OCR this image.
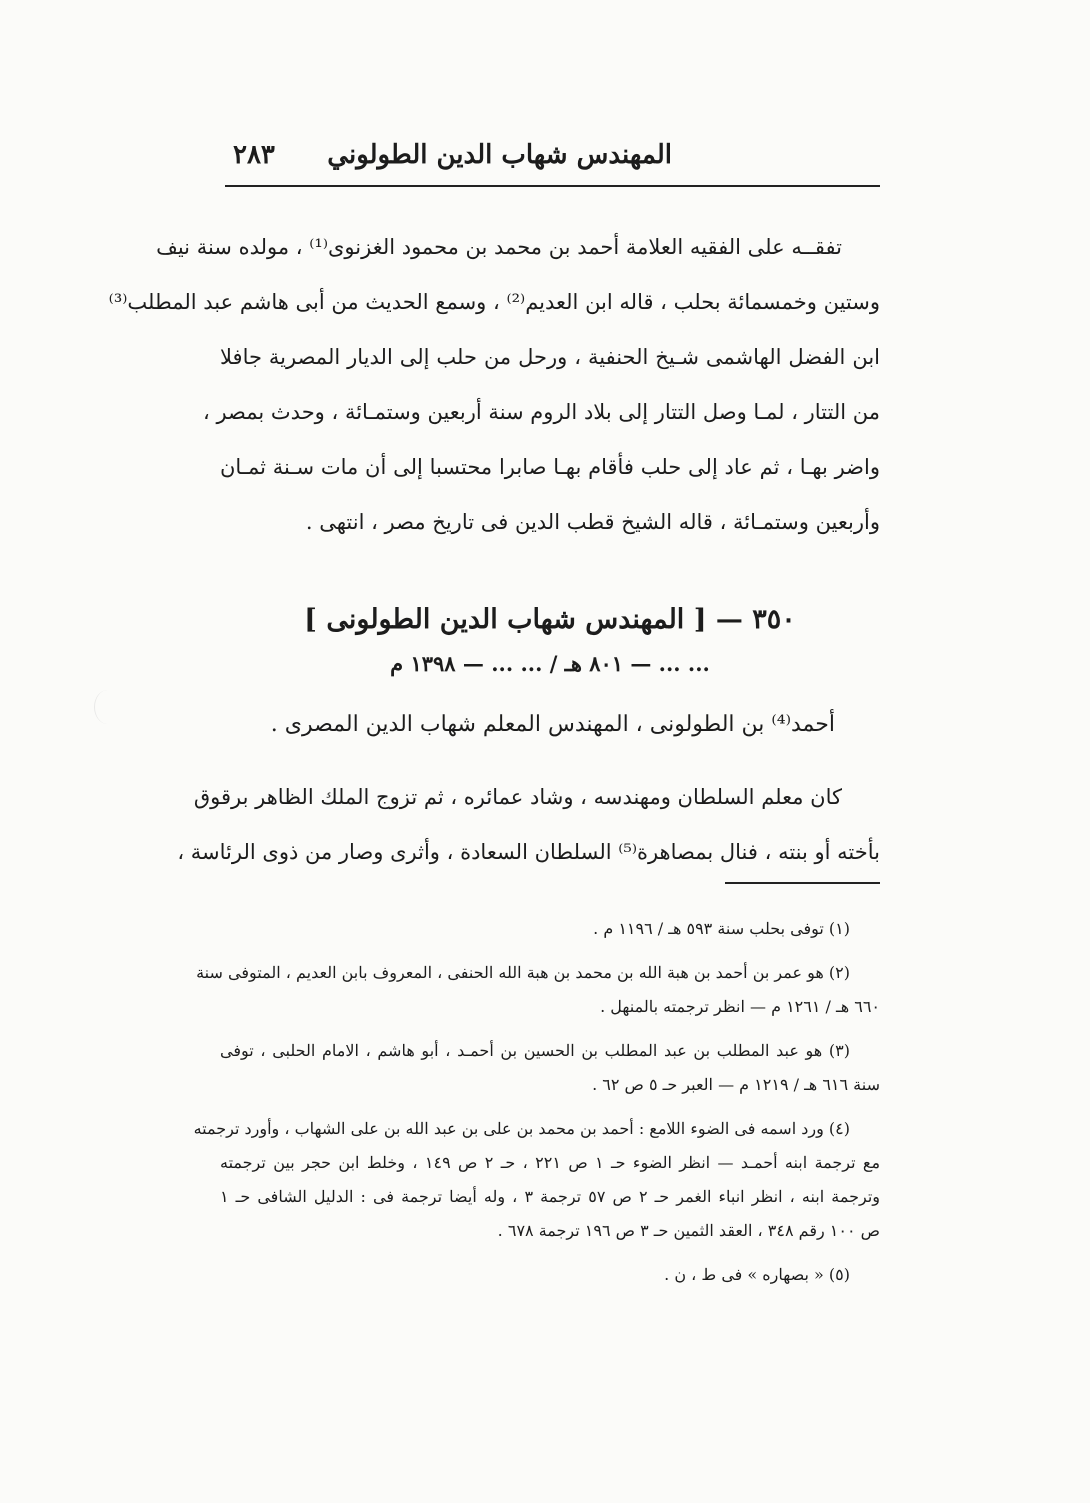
المهندس شهاب الدين الطولوني
٢٨٣
تفقــه على الفقيه العلامة أحمد بن محمد بن محمود الغزنوى⁽¹⁾ ، مولده سنة نيف
وستين وخمسمائة بحلب ، قاله ابن العديم⁽²⁾ ، وسمع الحديث من أبى هاشم عبد المطلب⁽³⁾
ابن الفضل الهاشمى شـيخ الحنفية ، ورحل من حلب إلى الديار المصرية جافلا
من التتار ، لمـا وصل التتار إلى بلاد الروم سنة أربعين وستمـائة ، وحدث بمصر ،
واضر بهـا ، ثم عاد إلى حلب فأقام بهـا صابرا محتسبا إلى أن مات سـنة ثمـان
وأربعين وستمـائة ، قاله الشيخ قطب الدين فى تاريخ مصر ، انتهى .
٣٥٠ — [ المهندس شهاب الدين الطولونى ]
... ... — ٨٠١ هـ / ... ... — ١٣٩٨ م
أحمد⁽⁴⁾ بن الطولونى ، المهندس المعلم شهاب الدين المصرى .
كان معلم السلطان ومهندسه ، وشاد عمائره ، ثم تزوج الملك الظاهر برقوق
بأخته أو بنته ، فنال بمصاهرة⁽⁵⁾ السلطان السعادة ، وأثرى وصار من ذوى الرئاسة ،
(١) توفى بحلب سنة ٥٩٣ هـ / ١١٩٦ م .
(٢) هو عمر بن أحمد بن هبة الله بن محمد بن هبة الله الحنفى ، المعروف بابن العديم ، المتوفى سنة
٦٦٠ هـ / ١٢٦١ م — انظر ترجمته بالمنهل .
(٣) هو عبد المطلب بن عبد المطلب بن الحسين بن أحمـد ، أبو هاشم ، الامام الحلبى ، توفى
سنة ٦١٦ هـ / ١٢١٩ م — العبر حـ ٥ ص ٦٢ .
(٤) ورد اسمه فى الضوء اللامع : أحمد بن محمد بن على بن عبد الله بن على الشهاب ، وأورد ترجمته
مع ترجمة ابنه أحمـد — انظر الضوء حـ ١ ص ٢٢١ ، حـ ٢ ص ١٤٩ ، وخلط ابن حجر بين ترجمته
وترجمة ابنه ، انظر انباء الغمر حـ ٢ ص ٥٧ ترجمة ٣ ، وله أيضا ترجمة فى : الدليل الشافى حـ ١
ص ١٠٠ رقم ٣٤٨ ، العقد الثمين حـ ٣ ص ١٩٦ ترجمة ٦٧٨ .
(٥) « بصهاره » فى ط ، ن .
